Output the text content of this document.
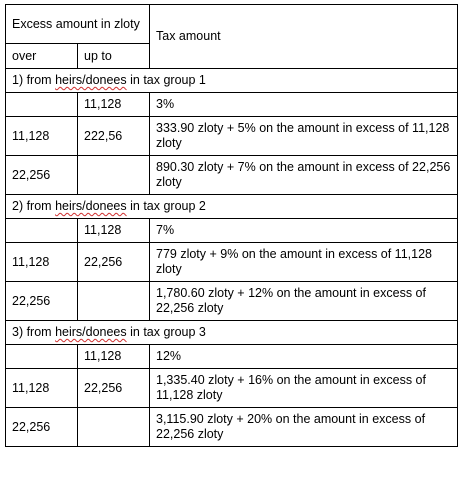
Excess amount in zloty		Tax amount
over	up to	
1) from heirs/donees in tax group 1		
	11,128	3%
11,128	222,56	333.90 zloty + 5% on the amount in excess of 11,128 zloty
22,256		890.30 zloty + 7% on the amount in excess of 22,256 zloty
2) from heirs/donees in tax group 2		
	11,128	7%
11,128	22,256	779 zloty + 9% on the amount in excess of 11,128 zloty
22,256		1,780.60 zloty + 12% on the amount in excess of 22,256 zloty
3) from heirs/donees in tax group 3		
	11,128	12%
11,128	22,256	1,335.40 zloty + 16% on the amount in excess of 11,128 zloty
22,256		3,115.90 zloty + 20% on the amount in excess of 22,256 zloty
